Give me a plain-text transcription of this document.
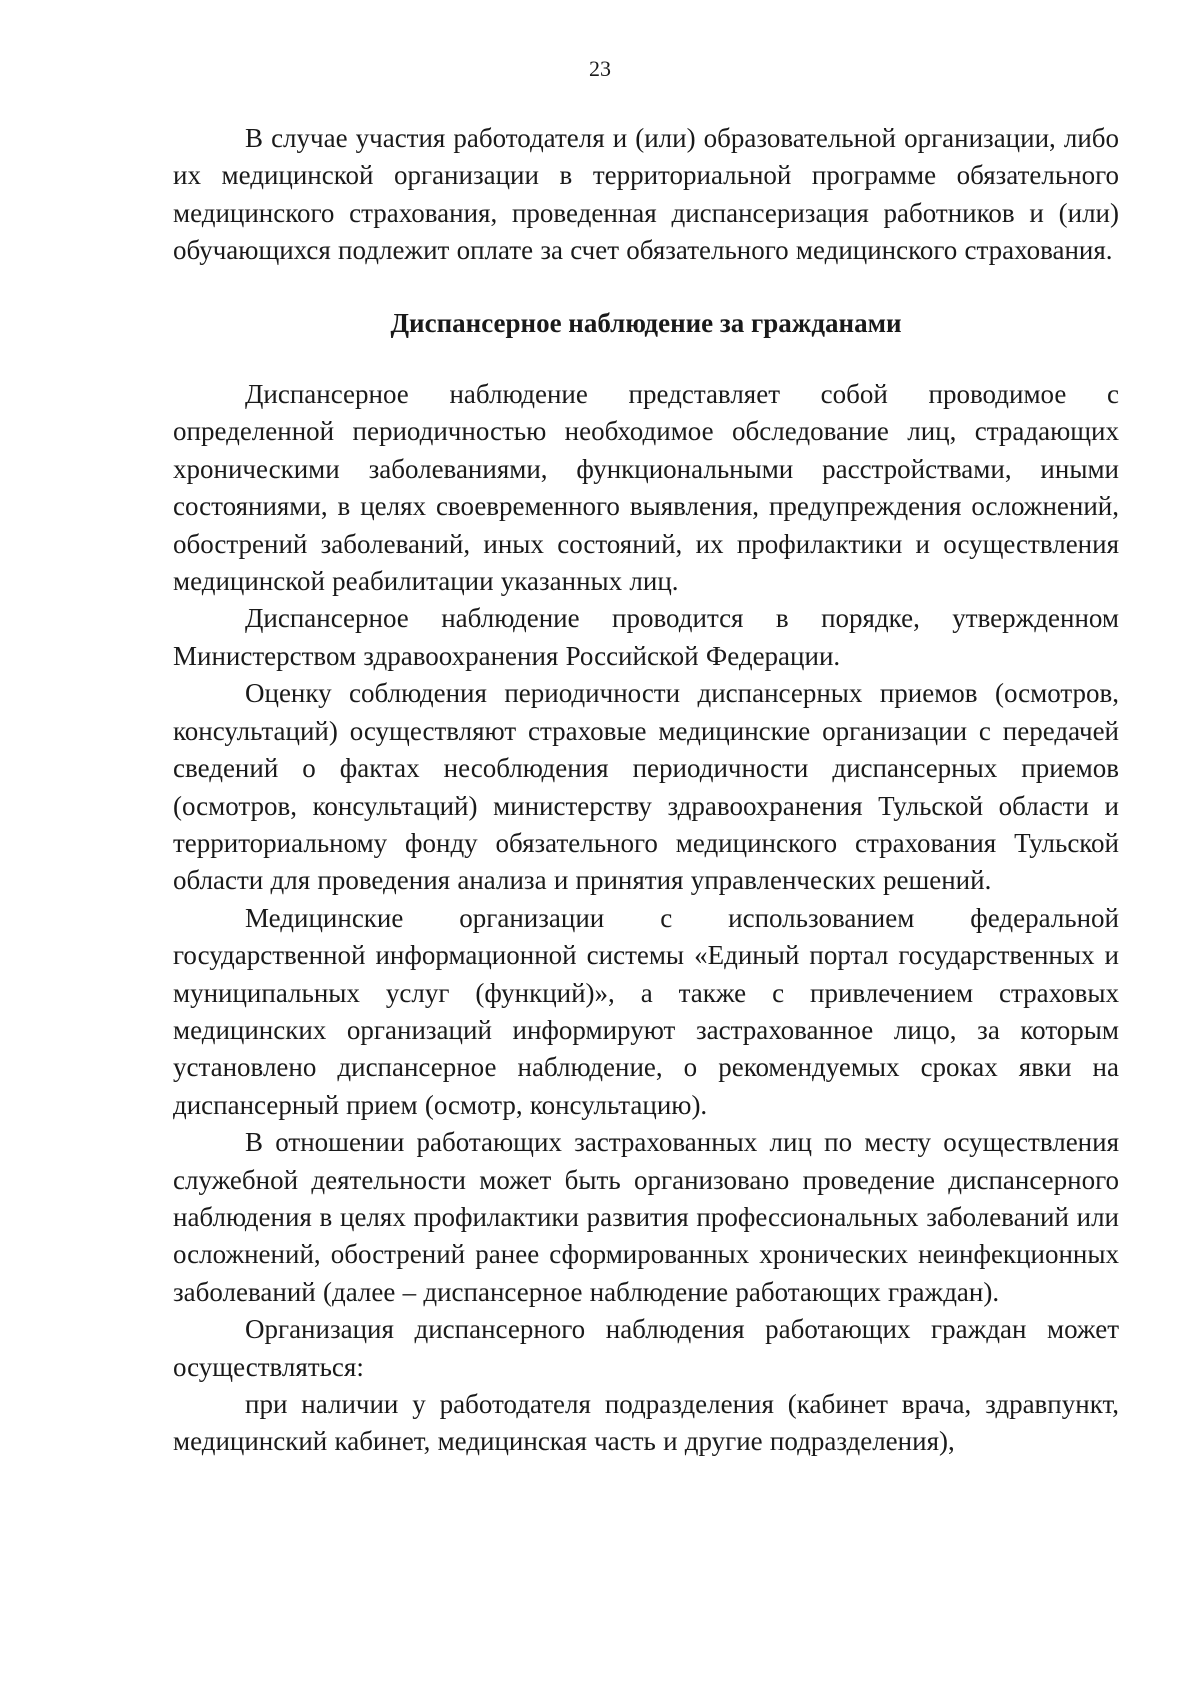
23

В случае участия работодателя и (или) образовательной организации, либо их медицинской организации в территориальной программе обязательного медицинского страхования, проведенная диспансеризация работников и (или) обучающихся подлежит оплате за счет обязательного медицинского страхования.

Диспансерное наблюдение за гражданами

Диспансерное наблюдение представляет собой проводимое с определенной периодичностью необходимое обследование лиц, страдающих хроническими заболеваниями, функциональными расстройствами, иными состояниями, в целях своевременного выявления, предупреждения осложнений, обострений заболеваний, иных состояний, их профилактики и осуществления медицинской реабилитации указанных лиц.

Диспансерное наблюдение проводится в порядке, утвержденном Министерством здравоохранения Российской Федерации.

Оценку соблюдения периодичности диспансерных приемов (осмотров, консультаций) осуществляют страховые медицинские организации с передачей сведений о фактах несоблюдения периодичности диспансерных приемов (осмотров, консультаций) министерству здравоохранения Тульской области и территориальному фонду обязательного медицинского страхования Тульской области для проведения анализа и принятия управленческих решений.

Медицинские организации с использованием федеральной государственной информационной системы «Единый портал государственных и муниципальных услуг (функций)», а также с привлечением страховых медицинских организаций информируют застрахованное лицо, за которым установлено диспансерное наблюдение, о рекомендуемых сроках явки на диспансерный прием (осмотр, консультацию).

В отношении работающих застрахованных лиц по месту осуществления служебной деятельности может быть организовано проведение диспансерного наблюдения в целях профилактики развития профессиональных заболеваний или осложнений, обострений ранее сформированных хронических неинфекционных заболеваний (далее – диспансерное наблюдение работающих граждан).

Организация диспансерного наблюдения работающих граждан может осуществляться:

при наличии у работодателя подразделения (кабинет врача, здравпункт, медицинский кабинет, медицинская часть и другие подразделения),
